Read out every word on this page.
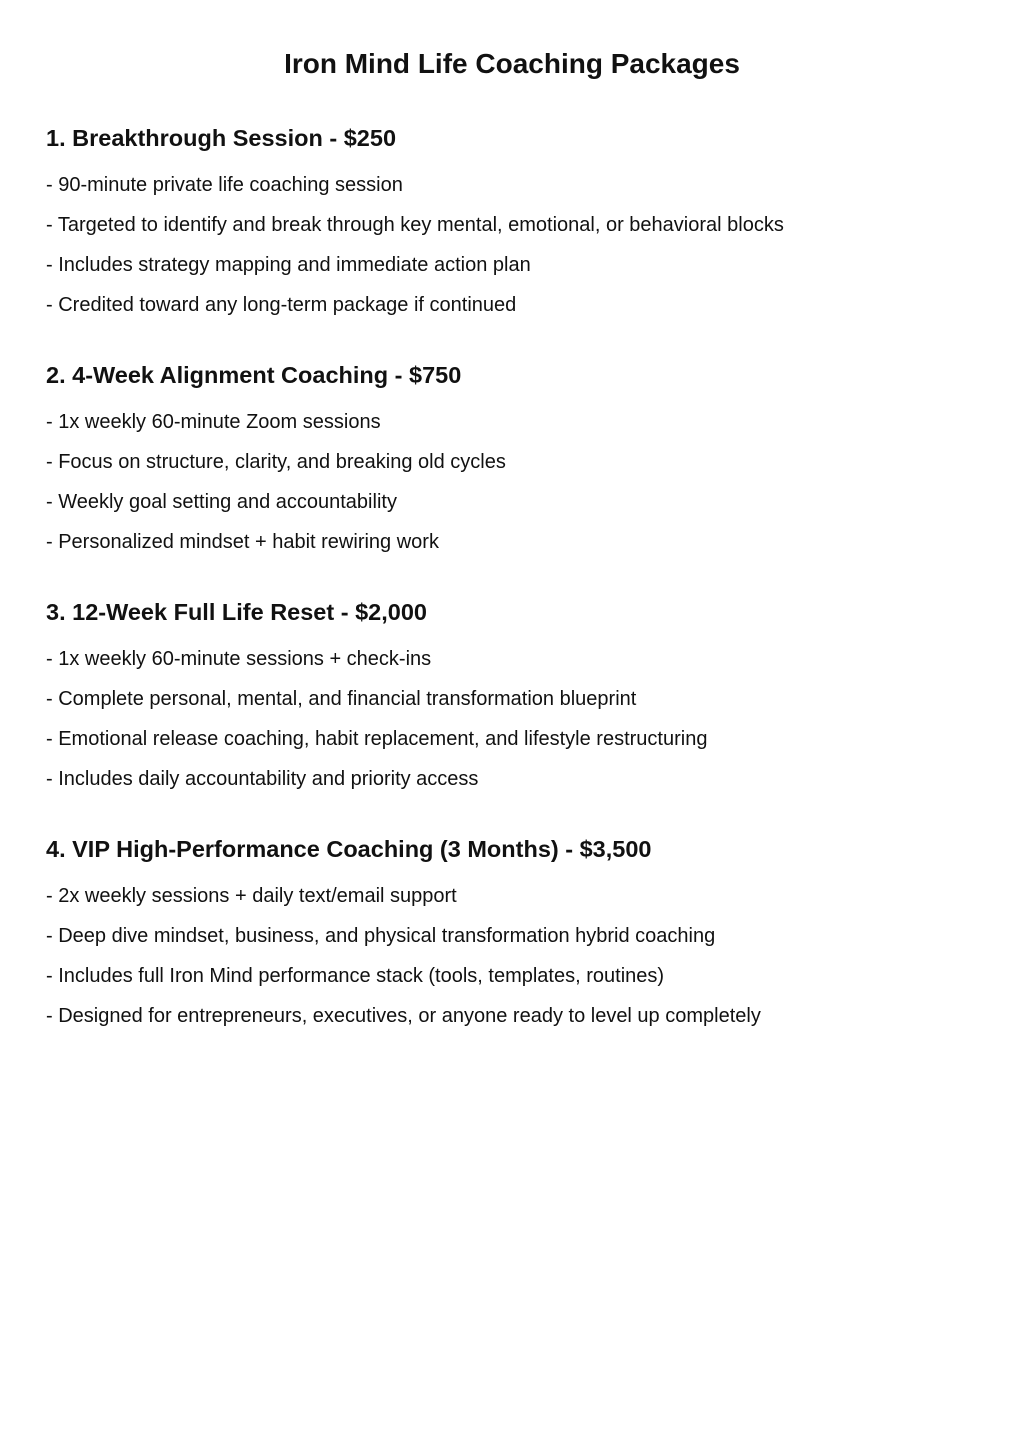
Iron Mind Life Coaching Packages
1. Breakthrough Session - $250
- 90-minute private life coaching session
- Targeted to identify and break through key mental, emotional, or behavioral blocks
- Includes strategy mapping and immediate action plan
- Credited toward any long-term package if continued
2. 4-Week Alignment Coaching - $750
- 1x weekly 60-minute Zoom sessions
- Focus on structure, clarity, and breaking old cycles
- Weekly goal setting and accountability
- Personalized mindset + habit rewiring work
3. 12-Week Full Life Reset - $2,000
- 1x weekly 60-minute sessions + check-ins
- Complete personal, mental, and financial transformation blueprint
- Emotional release coaching, habit replacement, and lifestyle restructuring
- Includes daily accountability and priority access
4. VIP High-Performance Coaching (3 Months) - $3,500
- 2x weekly sessions + daily text/email support
- Deep dive mindset, business, and physical transformation hybrid coaching
- Includes full Iron Mind performance stack (tools, templates, routines)
- Designed for entrepreneurs, executives, or anyone ready to level up completely
